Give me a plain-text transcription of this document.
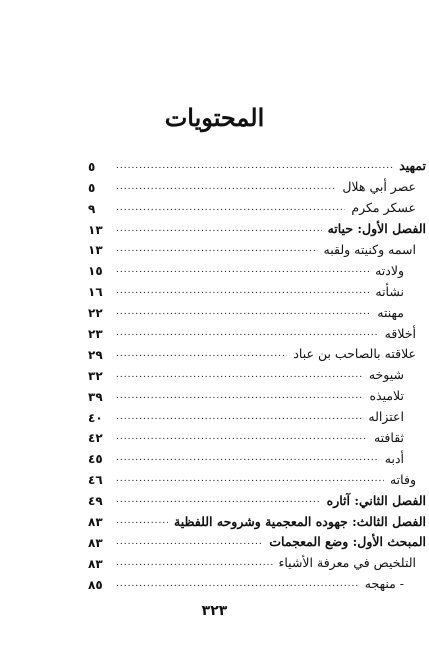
المحتويات
تمهيد
.....
٥
عصر أبي هلال
.....
٥
عسكر مكرم
.....
٩
الفصل الأول: حياته
.....
١٣
اسمه وكنيته ولقبه
.....
١٣
ولادته
.....
١٥
نشأته
.....
١٦
مهنته
.....
٢٢
أخلاقه
.....
٢٣
علاقته بالصاحب بن عباد
.....
٢٩
شيوخه
.....
٣٢
تلاميذه
.....
٣٩
اعتزاله
.....
٤٠
ثقافته
.....
٤٢
أدبه
.....
٤٥
وفاته
.....
٤٦
الفصل الثاني: آثاره
.....
٤٩
الفصل الثالث: جهوده المعجمية وشروحه اللفظية
.....
٨٣
المبحث الأول: وضع المعجمات
.....
٨٣
التلخيص في معرفة الأشياء
.....
٨٣
- منهجه
.....
٨٥
٣٢٣
